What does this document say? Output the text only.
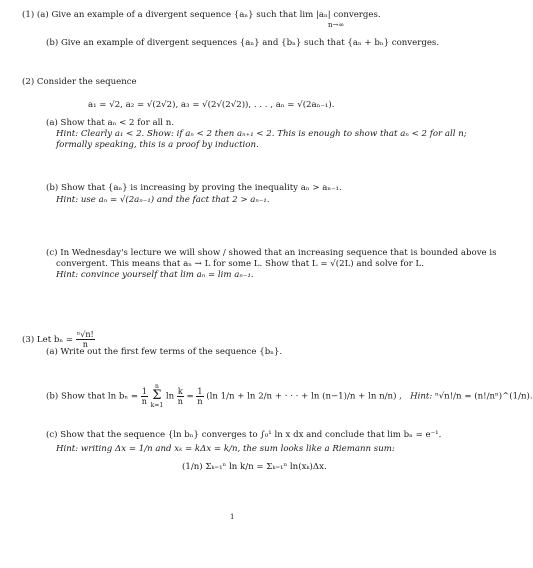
(1) (a) Give an example of a divergent sequence {aₙ} such that lim |aₙ| converges.
n→∞
(b) Give an example of divergent sequences {aₙ} and {bₙ} such that {aₙ + bₙ} converges.
(2) Consider the sequence
a₁ = √2, a₂ = √(2√2), a₃ = √(2√(2√2)), . . . , aₙ = √(2aₙ₋₁).
(a) Show that aₙ < 2 for all n.
Hint: Clearly a₁ < 2. Show: if aₙ < 2 then aₙ₊₁ < 2. This is enough to show that aₙ < 2 for all n;
formally speaking, this is a proof by induction.
(b) Show that {aₙ} is increasing by proving the inequality aₙ > aₙ₋₁.
Hint: use aₙ = √(2aₙ₋₁) and the fact that 2 > aₙ₋₁.
(c) In Wednesday's lecture we will show / showed that an increasing sequence that is bounded above is
convergent. This means that aₙ → L for some L. Show that L = √(2L) and solve for L.
Hint: convince yourself that lim aₙ = lim aₙ₋₁.
(3) Let $b_n = \frac{\text{ⁿ√n!}}{n}$
(a) Write out the first few terms of the sequence {bₙ}.
(b) Show that $\ln b_n = \frac{1}{n}$ n
Σ
k=1 $\ln \frac{k}{n} = \frac{1}{n} (\ln$ 1/n + ln 2/n + · · · + ln (n−1)/n + ln n/n) ,   Hint: ⁿ√n!/n = (n!/nⁿ)^(1/n).
(c) Show that the sequence {ln bₙ} converges to ∫₀¹ ln x dx and conclude that lim bₙ = e⁻¹.
Hint: writing Δx = 1/n and xₖ = kΔx = k/n, the sum looks like a Riemann sum:
(1/n) Σₖ₌₁ⁿ ln k/n = Σₖ₌₁ⁿ ln(xₖ)Δx.
1
